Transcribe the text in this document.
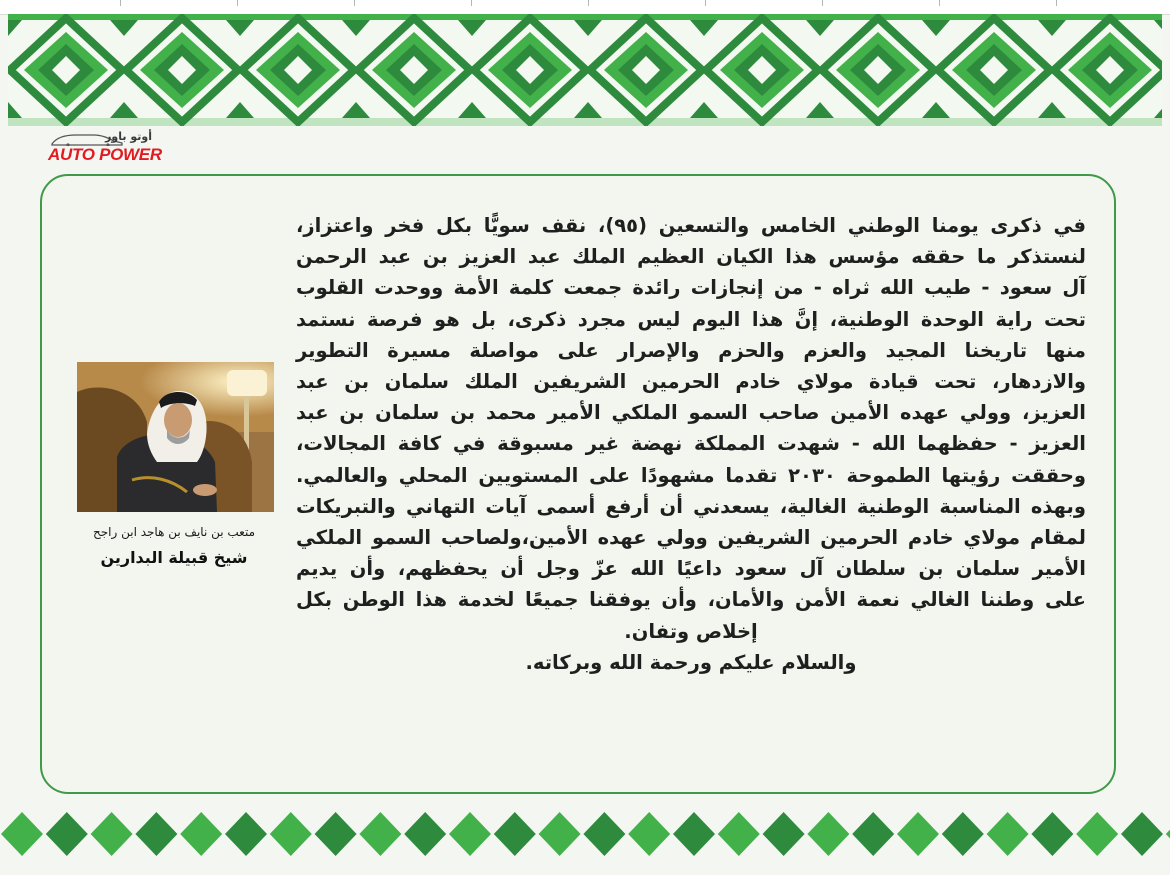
أوتو باور
AUTO POWER
متعب بن نايف بن هاجد ابن راجح
شيخ قبيلة البدارين
في ذكرى يومنا الوطني الخامس والتسعين (٩٥)، نقف سويًّا بكل فخر واعتزاز،
لنستذكر ما حققه مؤسس هذا الكيان العظيم الملك عبد العزيز بن عبد الرحمن
آل سعود - طيب الله ثراه - من إنجازات رائدة جمعت كلمة الأمة ووحدت القلوب
تحت راية الوحدة الوطنية، إنَّ هذا اليوم ليس مجرد ذكرى، بل هو فرصة نستمد
منها تاريخنا المجيد والعزم والحزم والإصرار على مواصلة مسيرة التطوير
والازدهار، تحت قيادة مولاي خادم الحرمين الشريفين الملك سلمان بن عبد
العزيز، وولي عهده الأمين صاحب السمو الملكي الأمير محمد بن سلمان بن عبد
العزيز - حفظهما الله - شهدت المملكة نهضة غير مسبوقة في كافة المجالات،
وحققت رؤيتها الطموحة ٢٠٣٠ تقدما مشهودًا على المستويين المحلي والعالمي.
وبهذه المناسبة الوطنية الغالية، يسعدني أن أرفع أسمى آيات التهاني والتبريكات
لمقام مولاي خادم الحرمين الشريفين وولي عهده الأمين،ولصاحب السمو الملكي
الأمير سلمان بن سلطان آل سعود داعيًا الله عزّ وجل أن يحفظهم، وأن يديم
على وطننا الغالي نعمة الأمن والأمان، وأن يوفقنا جميعًا لخدمة هذا الوطن بكل
إخلاص وتفان.
والسلام عليكم ورحمة الله وبركاته.
